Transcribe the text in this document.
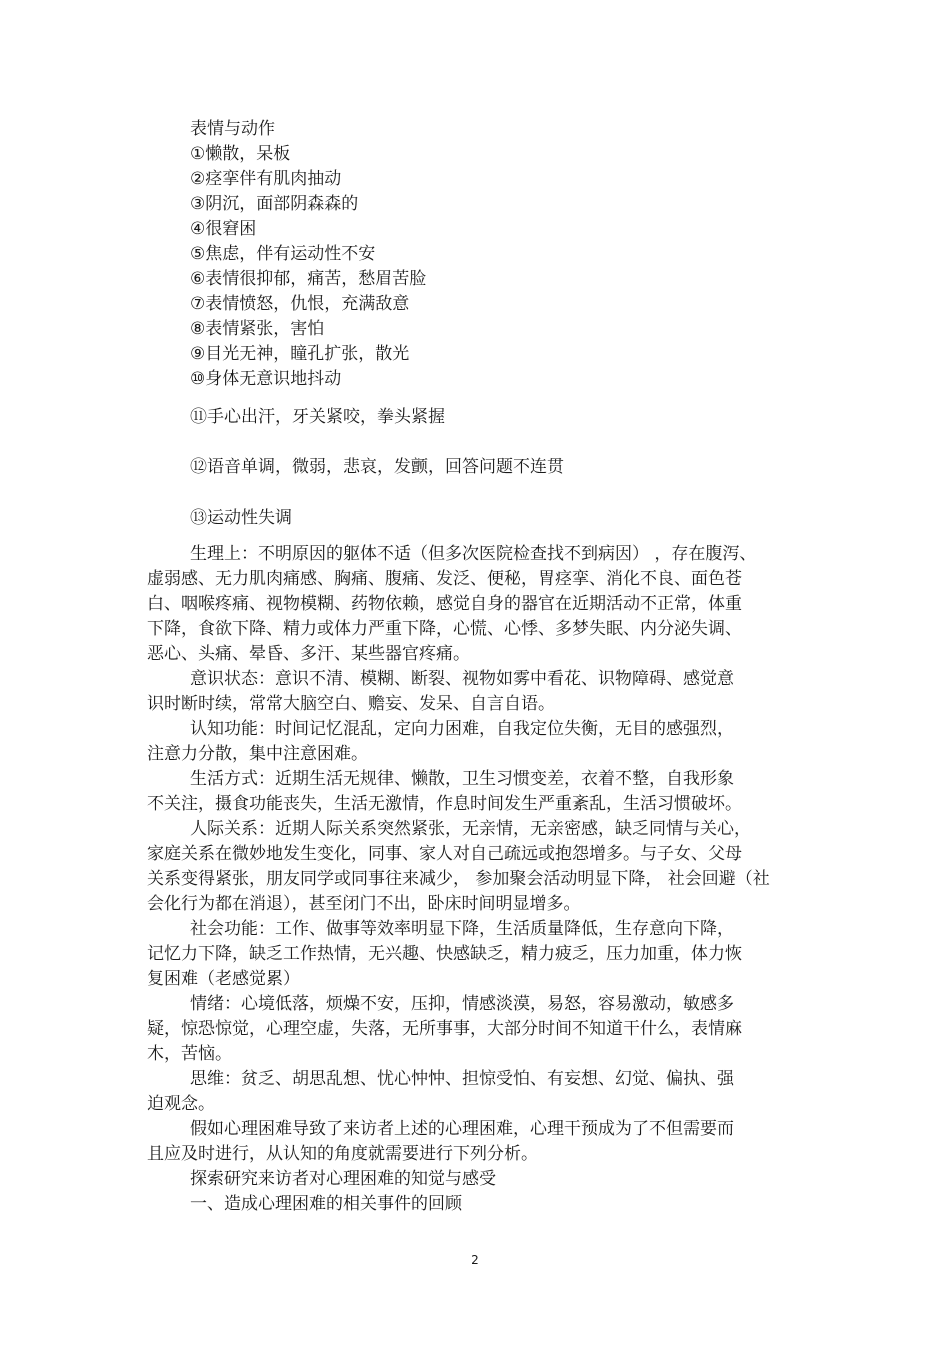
表情与动作

①懒散，呆板

②痉挛伴有肌肉抽动

③阴沉，面部阴森森的

④很窘困

⑤焦虑，伴有运动性不安

⑥表情很抑郁，痛苦，愁眉苦脸

⑦表情愤怒，仇恨，充满敌意

⑧表情紧张，害怕

⑨目光无神，瞳孔扩张，散光

⑩身体无意识地抖动

⑪手心出汗，牙关紧咬，拳头紧握

⑫语音单调，微弱，悲哀，发颤，回答问题不连贯

⑬运动性失调

生理上：不明原因的躯体不适（但多次医院检查找不到病因） ，存在腹泻、

虚弱感、无力肌肉痛感、胸痛、腹痛、发泛、便秘，胃痉挛、消化不良、面色苍

白、咽喉疼痛、视物模糊、药物依赖，感觉自身的器官在近期活动不正常，体重

下降，食欲下降、精力或体力严重下降，心慌、心悸、多梦失眠、内分泌失调、

恶心、头痛、晕昏、多汗、某些器官疼痛。

意识状态：意识不清、模糊、断裂、视物如雾中看花、识物障碍、感觉意

识时断时续，常常大脑空白、赡妄、发呆、自言自语。

认知功能：时间记忆混乱，定向力困难，自我定位失衡，无目的感强烈，

注意力分散，集中注意困难。

生活方式：近期生活无规律、懒散，卫生习惯变差，衣着不整，自我形象

不关注，摄食功能丧失，生活无激情，作息时间发生严重紊乱，生活习惯破坏。

人际关系：近期人际关系突然紧张，无亲情，无亲密感，缺乏同情与关心，

家庭关系在微妙地发生变化，同事、家人对自己疏远或抱怨增多。与子女、父母

关系变得紧张，朋友同学或同事往来减少， 参加聚会活动明显下降， 社会回避（社

会化行为都在消退），甚至闭门不出，卧床时间明显增多。

社会功能：工作、做事等效率明显下降，生活质量降低，生存意向下降，

记忆力下降，缺乏工作热情，无兴趣、快感缺乏，精力疲乏，压力加重，体力恢

复困难（老感觉累）

情绪：心境低落，烦燥不安，压抑，情感淡漠，易怒，容易激动，敏感多

疑，惊恐惊觉，心理空虚，失落，无所事事，大部分时间不知道干什么，表情麻

木，苦恼。

思维：贫乏、胡思乱想、忧心忡忡、担惊受怕、有妄想、幻觉、偏执、强

迫观念。

假如心理困难导致了来访者上述的心理困难，心理干预成为了不但需要而

且应及时进行，从认知的角度就需要进行下列分析。

探索研究来访者对心理困难的知觉与感受

一、造成心理困难的相关事件的回顾

2
